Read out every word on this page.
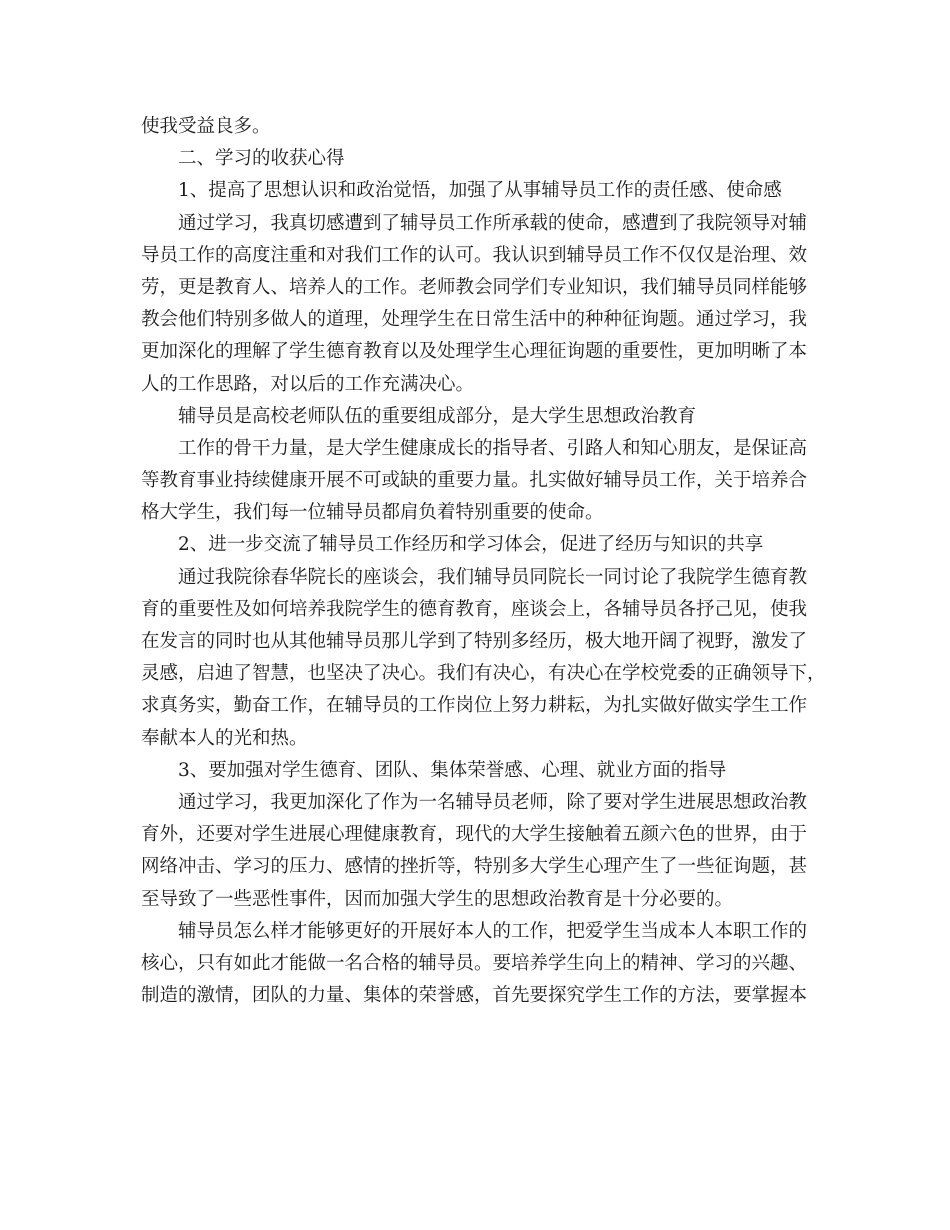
使我受益良多。
二、学习的收获心得
1、提高了思想认识和政治觉悟，加强了从事辅导员工作的责任感、使命感
通过学习，我真切感遭到了辅导员工作所承载的使命，感遭到了我院领导对辅
导员工作的高度注重和对我们工作的认可。我认识到辅导员工作不仅仅是治理、效
劳，更是教育人、培养人的工作。老师教会同学们专业知识，我们辅导员同样能够
教会他们特别多做人的道理，处理学生在日常生活中的种种征询题。通过学习，我
更加深化的理解了学生德育教育以及处理学生心理征询题的重要性，更加明晰了本
人的工作思路，对以后的工作充满决心。
辅导员是高校老师队伍的重要组成部分，是大学生思想政治教育
工作的骨干力量，是大学生健康成长的指导者、引路人和知心朋友，是保证高
等教育事业持续健康开展不可或缺的重要力量。扎实做好辅导员工作，关于培养合
格大学生，我们每一位辅导员都肩负着特别重要的使命。
2、进一步交流了辅导员工作经历和学习体会，促进了经历与知识的共享
通过我院徐春华院长的座谈会，我们辅导员同院长一同讨论了我院学生德育教
育的重要性及如何培养我院学生的德育教育，座谈会上，各辅导员各抒己见，使我
在发言的同时也从其他辅导员那儿学到了特别多经历，极大地开阔了视野，激发了
灵感，启迪了智慧，也坚决了决心。我们有决心，有决心在学校党委的正确领导下，
求真务实，勤奋工作，在辅导员的工作岗位上努力耕耘，为扎实做好做实学生工作
奉献本人的光和热。
3、要加强对学生德育、团队、集体荣誉感、心理、就业方面的指导
通过学习，我更加深化了作为一名辅导员老师，除了要对学生进展思想政治教
育外，还要对学生进展心理健康教育，现代的大学生接触着五颜六色的世界，由于
网络冲击、学习的压力、感情的挫折等，特别多大学生心理产生了一些征询题，甚
至导致了一些恶性事件，因而加强大学生的思想政治教育是十分必要的。
辅导员怎么样才能够更好的开展好本人的工作，把爱学生当成本人本职工作的
核心，只有如此才能做一名合格的辅导员。要培养学生向上的精神、学习的兴趣、
制造的激情，团队的力量、集体的荣誉感，首先要探究学生工作的方法，要掌握本
